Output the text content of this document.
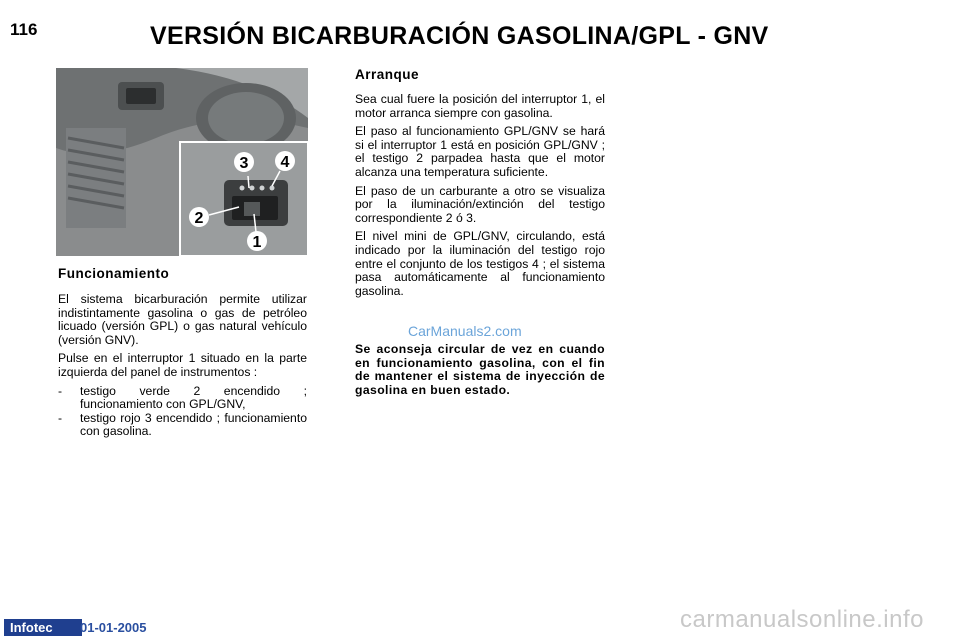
116	VERSIÓN BICARBURACIÓN GASOLINA/GPL - GNV
3 4
2
1
Funcionamiento

El sistema bicarburación permite utilizar indistintamente gasolina o gas de petróleo licuado (versión GPL) o gas natural vehículo (versión GNV).

Pulse en el interruptor 1 situado en la parte izquierda del panel de instrumentos :

- testigo verde 2 encendido ; funcionamiento con GPL/GNV,
- testigo rojo 3 encendido ; funcionamiento con gasolina.
Arranque

Sea cual fuere la posición del interruptor 1, el motor arranca siempre con gasolina.

El paso al funcionamiento GPL/GNV se hará si el interruptor 1 está en posición GPL/GNV ; el testigo 2 parpadea hasta que el motor alcanza una temperatura suficiente.

El paso de un carburante a otro se visualiza por la iluminación/extinción del testigo correspondiente 2 ó 3.

El nivel mini de GPL/GNV, circulando, está indicado por la iluminación del testigo rojo entre el conjunto de los testigos 4 ; el sistema pasa automáticamente al funcionamiento gasolina.

CarManuals2.com
Se aconseja circular de vez en cuando en funcionamiento gasolina, con el fin de mantener el sistema de inyección de gasolina en buen estado.
Infotec	01-01-2005	carmanualsonline.info
